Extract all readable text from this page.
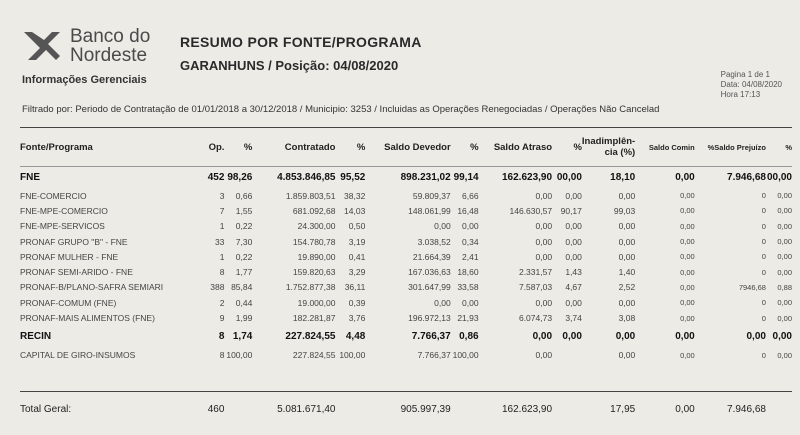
Banco do
Nordeste
Informações Gerenciais
RESUMO POR FONTE/PROGRAMA
GARANHUNS / Posição: 04/08/2020
Pagina 1 de 1
Data: 04/08/2020
Hora 17:13
Filtrado por: Periodo de Contratação de 01/01/2018 a 30/12/2018 / Municipio: 3253 / Incluidas as Operações Renegociadas / Operações Não Cancelad
Fonte/Programa	Op.	%	Contratado	%	Saldo Devedor	%	Saldo Atraso	%	Inadimplên-cia (%)	Saldo Comin	%	Saldo Prejuízo	%
FNE	452	98,26	4.853.846,85	95,52	898.231,02	99,14	162.623,90	00,00	18,10	0,00		7.946,68	00,00
FNE-COMERCIO	3	0,66	1.859.803,51	38,32	59.809,37	6,66	0,00	0,00	0,00	0,00		0	0,00
FNE-MPE-COMERCIO	7	1,55	681.092,68	14,03	148.061,99	16,48	146.630,57	90,17	99,03	0,00		0	0,00
FNE-MPE-SERVICOS	1	0,22	24.300,00	0,50	0,00	0,00	0,00	0,00	0,00	0,00		0	0,00
PRONAF GRUPO "B" - FNE	33	7,30	154.780,78	3,19	3.038,52	0,34	0,00	0,00	0,00	0,00		0	0,00
PRONAF MULHER - FNE	1	0,22	19.890,00	0,41	21.664,39	2,41	0,00	0,00	0,00	0,00		0	0,00
PRONAF SEMI-ARIDO - FNE	8	1,77	159.820,63	3,29	167.036,63	18,60	2.331,57	1,43	1,40	0,00		0	0,00
PRONAF-B/PLANO-SAFRA SEMIARI	388	85,84	1.752.877,38	36,11	301.647,99	33,58	7.587,03	4,67	2,52	0,00		7946,68	0,88
PRONAF-COMUM (FNE)	2	0,44	19.000,00	0,39	0,00	0,00	0,00	0,00	0,00	0,00		0	0,00
PRONAF-MAIS ALIMENTOS (FNE)	9	1,99	182.281,87	3,76	196.972,13	21,93	6.074,73	3,74	3,08	0,00		0	0,00
RECIN	8	1,74	227.824,55	4,48	7.766,37	0,86	0,00	0,00	0,00	0,00		0,00	0,00
CAPITAL DE GIRO-INSUMOS	8	100,00	227.824,55	100,00	7.766,37	100,00	0,00		0,00	0,00		0	0,00

Total Geral:	460		5.081.671,40		905.997,39		162.623,90		17,95	0,00		7.946,68	
